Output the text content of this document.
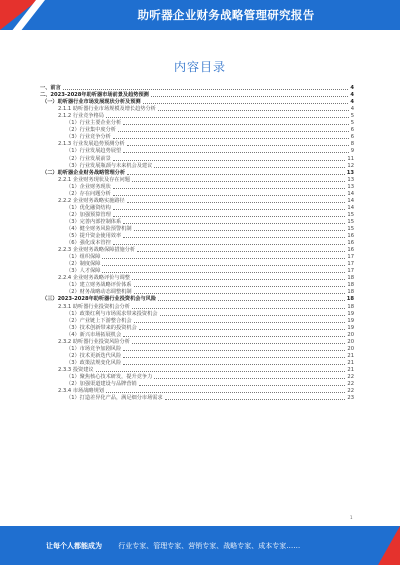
助听器企业财务战略管理研究报告
内容目录
一、前言	4
二、2023-2028年助听器市场前景及趋势预测	4
（一）助听器行业市场发展现状分析及预测	4
2.1.1 助听器行业市场规模及增长趋势分析	4
2.1.2 行业竞争格局	5
（1）行业主要企业分析	5
（2）行业集中度分析	6
（3）行业竞争分析	6
2.1.3 行业发展趋势预测分析	8
（1）行业发展趋势展望	9
（2）行业发展前景	11
（3）行业发展瓶颈与未来机会及建议	12
（二）助听器企业财务战略管理分析	13
2.2.1 企业财务现状及存在问题	13
（1）企业财务现状	13
（2）存在问题分析	14
2.2.2 企业财务战略实施路径	14
（1）优化融资结构	14
（2）加强预算管理	15
（3）完善内部控制体系	15
（4）健全财务风险预警机制	15
（5）提升资金使用效率	16
（6）强化成本管控	16
2.2.3 企业财务战略保障措施分析	16
（1）组织保障	17
（2）制度保障	17
（3）人才保障	17
2.2.4 企业财务战略评价与调整	18
（1）建立财务战略评价体系	18
（2）财务战略动态调整机制	18
（三）2023-2028年助听器行业投资机会与风险	18
2.3.1 助听器行业投资机会分析	18
（1）政策红利与市场需求带来投资机会	19
（2）产业链上下游整合机会	19
（3）技术创新带来的投资机会	19
（4）新兴市场拓展机会	20
2.3.2 助听器行业投资风险分析	20
（1）市场竞争加剧风险	20
（2）技术更新迭代风险	21
（3）政策法规变化风险	21
2.3.3 投资建议	21
（1）聚焦核心技术研发，提升竞争力	22
（2）加强渠道建设与品牌营销	22
2.3.4 市场战略规划	22
（1）打造差异化产品，满足细分市场需求	23
1
让每个人都能成为 行业专家、管理专家、营销专家、战略专家、成本专家……
